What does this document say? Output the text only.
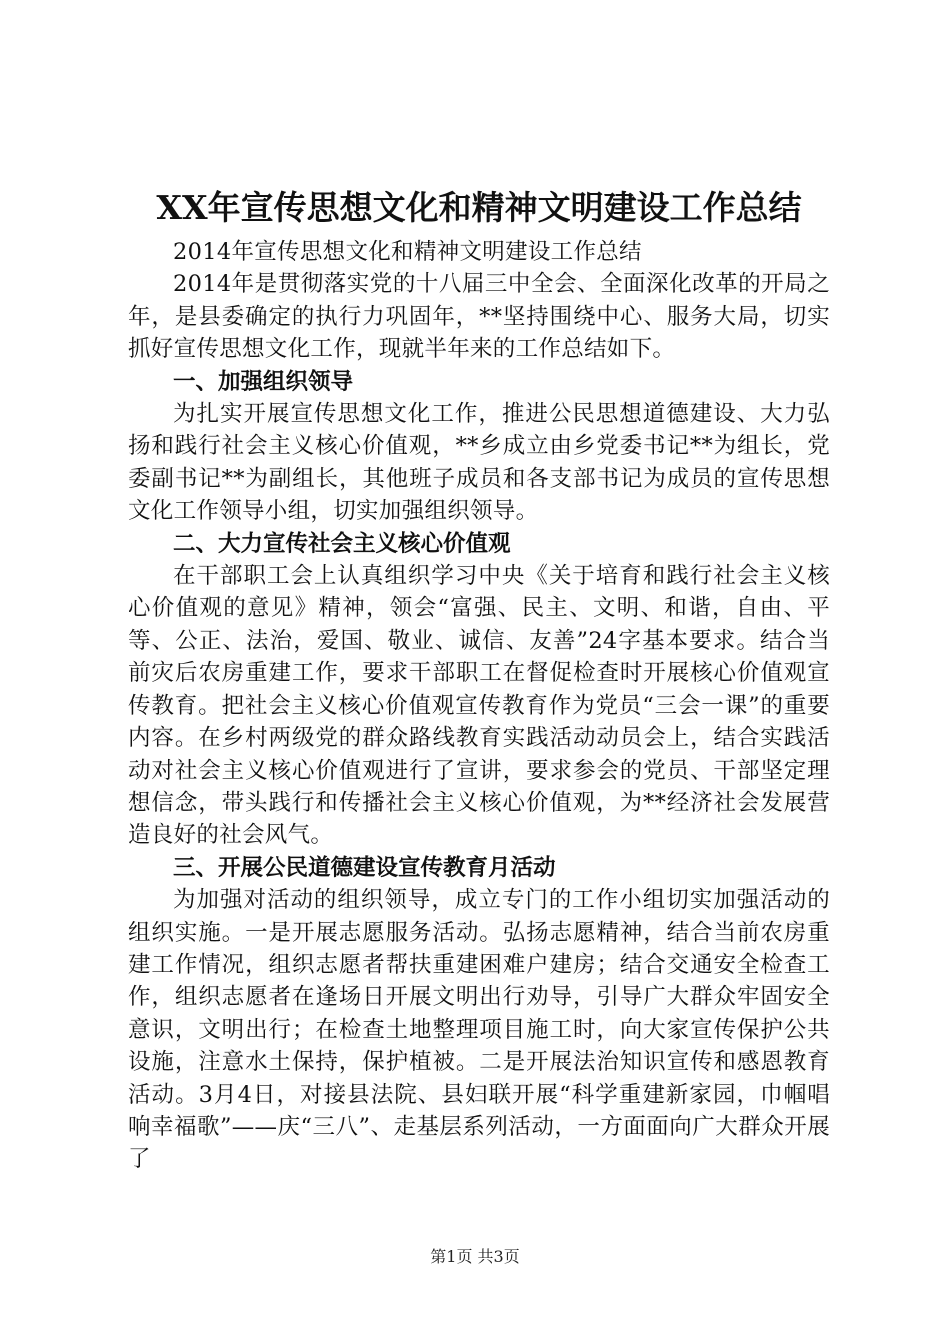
XX年宣传思想文化和精神文明建设工作总结

2014年宣传思想文化和精神文明建设工作总结

2014年是贯彻落实党的十八届三中全会、全面深化改革的开局之年，是县委确定的执行力巩固年，**坚持围绕中心、服务大局，切实抓好宣传思想文化工作，现就半年来的工作总结如下。

一、加强组织领导

为扎实开展宣传思想文化工作，推进公民思想道德建设、大力弘扬和践行社会主义核心价值观，**乡成立由乡党委书记**为组长，党委副书记**为副组长，其他班子成员和各支部书记为成员的宣传思想文化工作领导小组，切实加强组织领导。

二、大力宣传社会主义核心价值观

在干部职工会上认真组织学习中央《关于培育和践行社会主义核心价值观的意见》精神，领会“富强、民主、文明、和谐，自由、平等、公正、法治，爱国、敬业、诚信、友善”24字基本要求。结合当前灾后农房重建工作，要求干部职工在督促检查时开展核心价值观宣传教育。把社会主义核心价值观宣传教育作为党员“三会一课”的重要内容。在乡村两级党的群众路线教育实践活动动员会上，结合实践活动对社会主义核心价值观进行了宣讲，要求参会的党员、干部坚定理想信念，带头践行和传播社会主义核心价值观，为**经济社会发展营造良好的社会风气。

三、开展公民道德建设宣传教育月活动

为加强对活动的组织领导，成立专门的工作小组切实加强活动的组织实施。一是开展志愿服务活动。弘扬志愿精神，结合当前农房重建工作情况，组织志愿者帮扶重建困难户建房；结合交通安全检查工作，组织志愿者在逢场日开展文明出行劝导，引导广大群众牢固安全意识，文明出行；在检查土地整理项目施工时，向大家宣传保护公共设施，注意水土保持，保护植被。二是开展法治知识宣传和感恩教育活动。3月4日，对接县法院、县妇联开展“科学重建新家园，巾帼唱响幸福歌”——庆“三八”、走基层系列活动，一方面面向广大群众开展了

第1页 共3页
